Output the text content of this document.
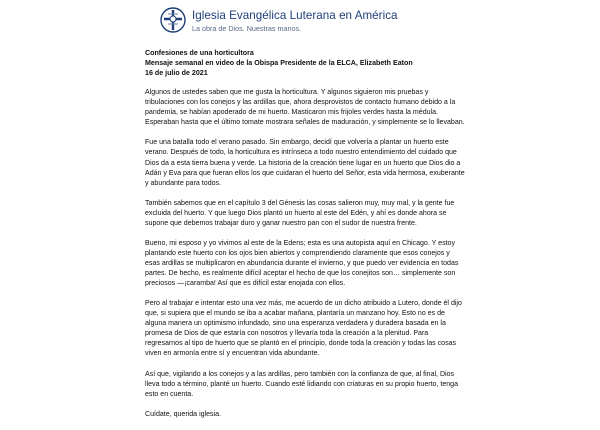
Iglesia Evangélica Luterana en América
La obra de Dios. Nuestras manos.
Confesiones de una horticultora
Mensaje semanal en video de la Obispa Presidente de la ELCA, Elizabeth Eaton
16 de julio de 2021

Algunos de ustedes saben que me gusta la horticultura. Y algunos siguieron mis pruebas y tribulaciones con los conejos y las ardillas que, ahora desprovistos de contacto humano debido a la pandemia, se habían apoderado de mi huerto. Masticaron mis frijoles verdes hasta la médula. Esperaban hasta que el último tomate mostrara señales de maduración, y simplemente se lo llevaban.

Fue una batalla todo el verano pasado. Sin embargo, decidí que volvería a plantar un huerto este verano. Después de todo, la horticultura es intrínseca a todo nuestro entendimiento del cuidado que Dios da a esta tierra buena y verde. La historia de la creación tiene lugar en un huerto que Dios dio a Adán y Eva para que fueran ellos los que cuidaran el huerto del Señor, esta vida hermosa, exuberante y abundante para todos.

También sabemos que en el capítulo 3 del Génesis las cosas salieron muy, muy mal, y la gente fue excluida del huerto. Y que luego Dios plantó un huerto al este del Edén, y ahí es donde ahora se supone que debemos trabajar duro y ganar nuestro pan con el sudor de nuestra frente.

Bueno, mi esposo y yo vivimos al este de la Edens; esta es una autopista aquí en Chicago. Y estoy plantando este huerto con los ojos bien abiertos y comprendiendo claramente que esos conejos y esas ardillas se multiplicaron en abundancia durante el invierno, y que puedo ver evidencia en todas partes. De hecho, es realmente difícil aceptar el hecho de que los conejitos son… simplemente son preciosos —¡caramba! Así que es difícil estar enojada con ellos.

Pero al trabajar e intentar esto una vez más, me acuerdo de un dicho atribuido a Lutero, donde él dijo que, si supiera que el mundo se iba a acabar mañana, plantaría un manzano hoy. Esto no es de alguna manera un optimismo infundado, sino una esperanza verdadera y duradera basada en la promesa de Dios de que estaría con nosotros y llevaría toda la creación a la plenitud. Para regresarnos al tipo de huerto que se plantó en el principio, donde toda la creación y todas las cosas viven en armonía entre sí y encuentran vida abundante.

Así que, vigilando a los conejos y a las ardillas, pero también con la confianza de que, al final, Dios lleva todo a término, planté un huerto. Cuando esté lidiando con criaturas en su propio huerto, tenga esto en cuenta.

Cuídate, querida iglesia.
